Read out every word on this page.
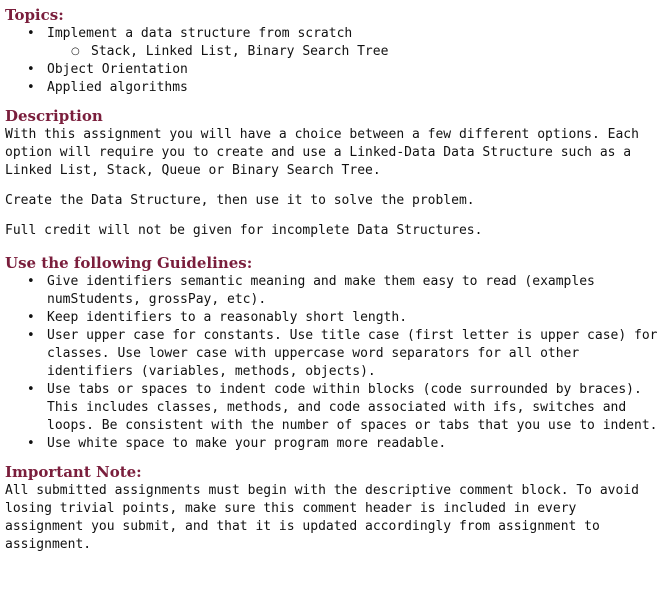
Topics:
• Implement a data structure from scratch
○ Stack, Linked List, Binary Search Tree
• Object Orientation
• Applied algorithms
Description

With this assignment you will have a choice between a few different options. Each option will require you to create and use a Linked-Data Data Structure such as a Linked List, Stack, Queue or Binary Search Tree.

Create the Data Structure, then use it to solve the problem.

Full credit will not be given for incomplete Data Structures.

Use the following Guidelines:
• Give identifiers semantic meaning and make them easy to read (examples numStudents, grossPay, etc).
• Keep identifiers to a reasonably short length.
• User upper case for constants. Use title case (first letter is upper case) for classes. Use lower case with uppercase word separators for all other identifiers (variables, methods, objects).
• Use tabs or spaces to indent code within blocks (code surrounded by braces). This includes classes, methods, and code associated with ifs, switches and loops. Be consistent with the number of spaces or tabs that you use to indent.
• Use white space to make your program more readable.
Important Note:

All submitted assignments must begin with the descriptive comment block. To avoid losing trivial points, make sure this comment header is included in every assignment you submit, and that it is updated accordingly from assignment to assignment.
